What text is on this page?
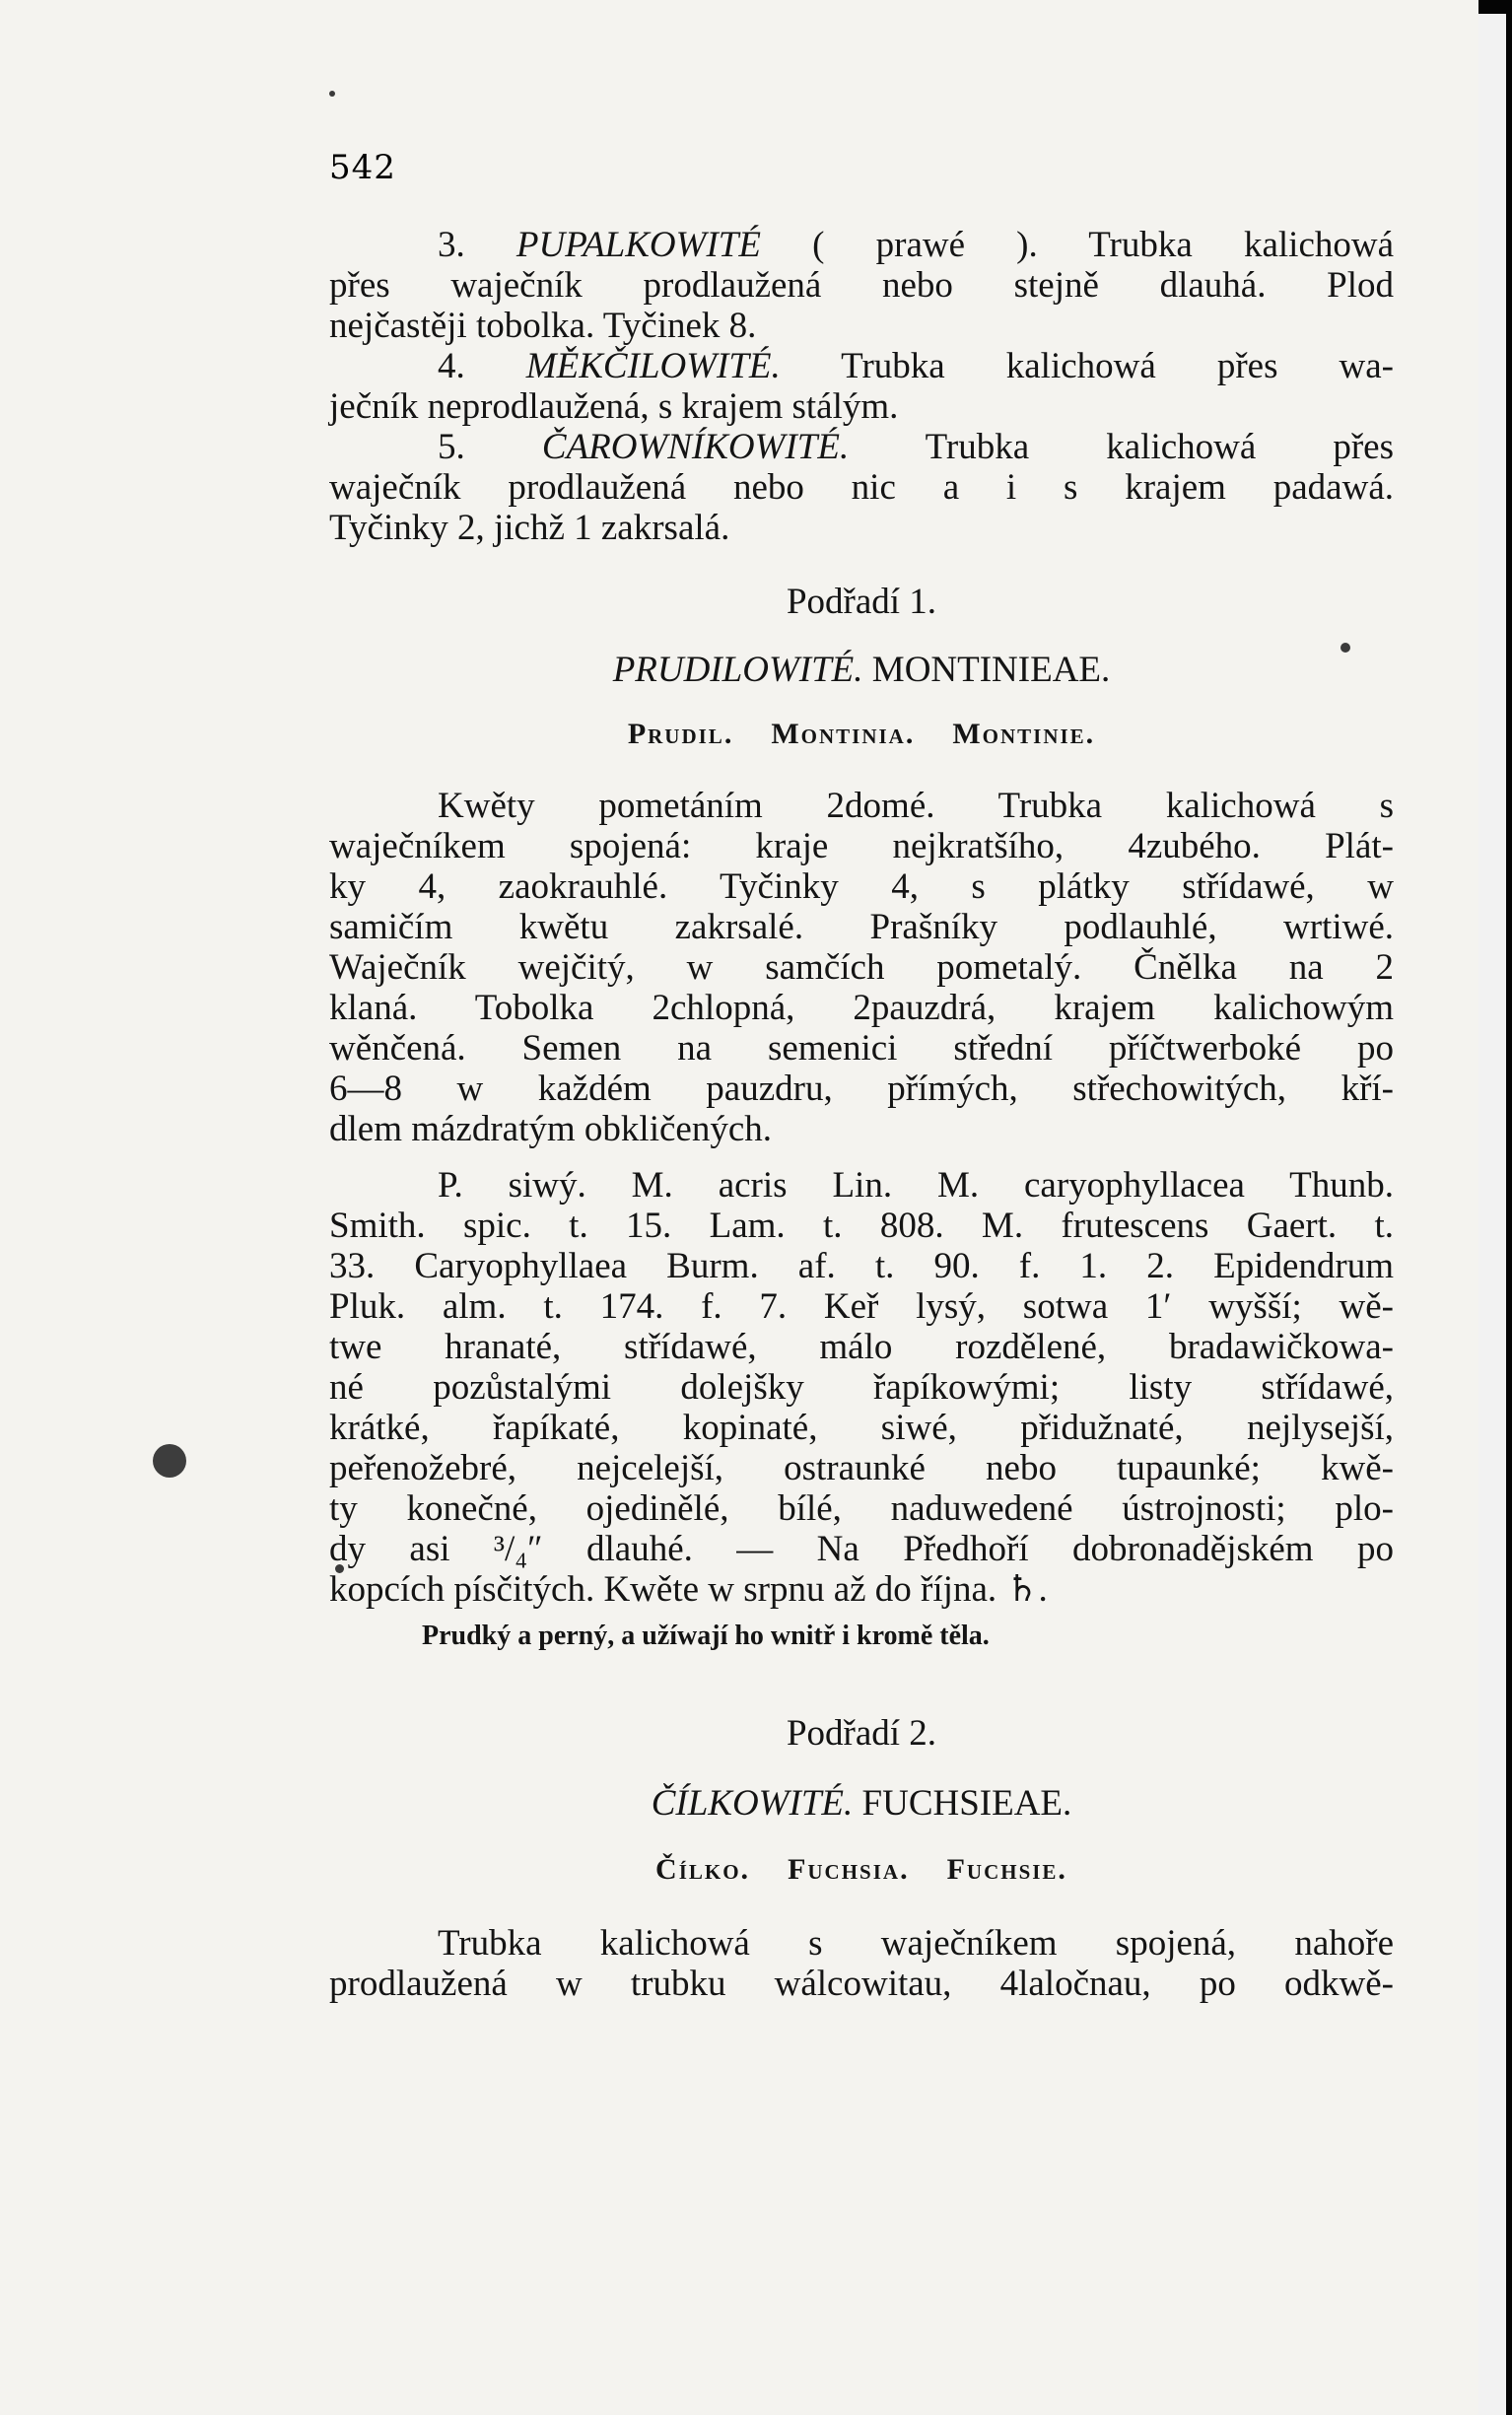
542

3. PUPALKOWITÉ ( prawé ). Trubka kalichowá

přes waječník prodlaužená nebo stejně dlauhá. Plod

nejčastěji tobolka. Tyčinek 8.

4. MĚKČILOWITÉ. Trubka kalichowá přes wa-

ječník neprodlaužená, s krajem stálým.

5. ČAROWNÍKOWITÉ. Trubka kalichowá přes

waječník prodlaužená nebo nic a i s krajem padawá.

Tyčinky 2, jichž 1 zakrsalá.

Podřadí 1.

PRUDILOWITÉ. MONTINIEAE.

Prudil. Montinia. Montinie.

Kwěty pometáním 2domé. Trubka kalichowá s

waječníkem spojená: kraje nejkratšího, 4zubého. Plát-

ky 4, zaokrauhlé. Tyčinky 4, s plátky střídawé, w

samičím kwětu zakrsalé. Prašníky podlauhlé, wrtiwé.

Waječník wejčitý, w samčích pometalý. Čnělka na 2

klaná. Tobolka 2chlopná, 2pauzdrá, krajem kalichowým

wěnčená. Semen na semenici střední příčtwerboké po

6—8 w každém pauzdru, přímých, střechowitých, kří-

dlem mázdratým obkličených.

P. siwý. M. acris Lin. M. caryophyllacea Thunb.

Smith. spic. t. 15. Lam. t. 808. M. frutescens Gaert. t.

33. Caryophyllaea Burm. af. t. 90. f. 1. 2. Epidendrum

Pluk. alm. t. 174. f. 7. Keř lysý, sotwa 1′ wyšší; wě-

twe hranaté, střídawé, málo rozdělené, bradawičkowa-

né pozůstalými dolejšky řapíkowými; listy střídawé,

krátké, řapíkaté, kopinaté, siwé, přidužnaté, nejlysejší,

peřenožebré, nejcelejší, ostraunké nebo tupaunké; kwě-

ty konečné, ojedinělé, bílé, naduwedené ústrojnosti; plo-

dy asi ³/₄″ dlauhé. — Na Předhoří dobronadějském po

kopcích písčitých. Kwěte w srpnu až do října. ♄.

Prudký a perný, a užíwají ho wnitř i kromě těla.

Podřadí 2.

ČÍLKOWITÉ. FUCHSIEAE.

Čílko. Fuchsia. Fuchsie.

Trubka kalichowá s waječníkem spojená, nahoře

prodlaužená w trubku wálcowitau, 4laločnau, po odkwě-
